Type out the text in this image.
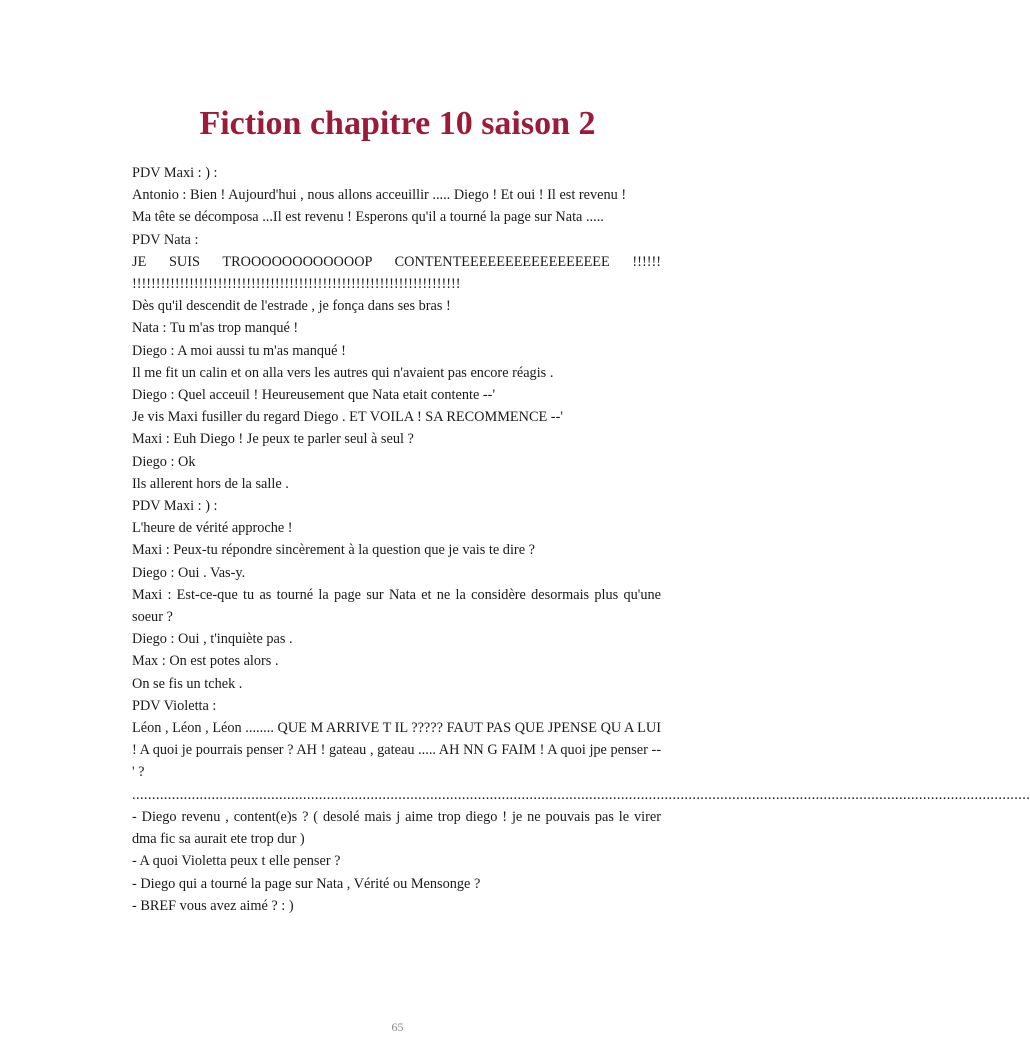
Fiction chapitre 10 saison 2

PDV Maxi : ) :

Antonio : Bien ! Aujourd'hui , nous allons acceuillir ..... Diego ! Et oui ! Il est revenu !

Ma tête se décomposa ...Il est revenu ! Esperons qu'il a tourné la page sur Nata .....

PDV Nata :

JE SUIS TROOOOOOOOOOOOP CONTENTEEEEEEEEEEEEEEEEE !!!!!! !!!!!!!!!!!!!!!!!!!!!!!!!!!!!!!!!!!!!!!!!!!!!!!!!!!!!!!!!!!!!!!!!!!!!

Dès qu'il descendit de l'estrade , je fonça dans ses bras !

Nata : Tu m'as trop manqué !

Diego : A moi aussi tu m'as manqué !

Il me fit un calin et on alla vers les autres qui n'avaient pas encore réagis .

Diego : Quel acceuil ! Heureusement que Nata etait contente --'

Je vis Maxi fusiller du regard Diego . ET VOILA ! SA RECOMMENCE --'

Maxi : Euh Diego ! Je peux te parler seul à seul ?

Diego : Ok

Ils allerent hors de la salle .

PDV Maxi : ) :

L'heure de vérité approche !

Maxi : Peux-tu répondre sincèrement à la question que je vais te dire ?

Diego : Oui . Vas-y.

Maxi : Est-ce-que tu as tourné la page sur Nata et ne la considère desormais plus qu'une soeur ?

Diego : Oui , t'inquiète pas .

Max : On est potes alors .

On se fis un tchek .

PDV Violetta :

Léon , Léon , Léon ........ QUE M ARRIVE T IL ????? FAUT PAS QUE JPENSE QU A LUI ! A quoi je pourrais penser ? AH ! gateau , gateau ..... AH NN G FAIM ! A quoi jpe penser --' ?

..................................................................................................................................................................................................................................

- Diego revenu , content(e)s ? ( desolé mais j aime trop diego ! je ne pouvais pas le virer dma fic sa aurait ete trop dur )

- A quoi Violetta peux t elle penser ?

- Diego qui a tourné la page sur Nata , Vérité ou Mensonge ?

- BREF vous avez aimé ? : )

65
